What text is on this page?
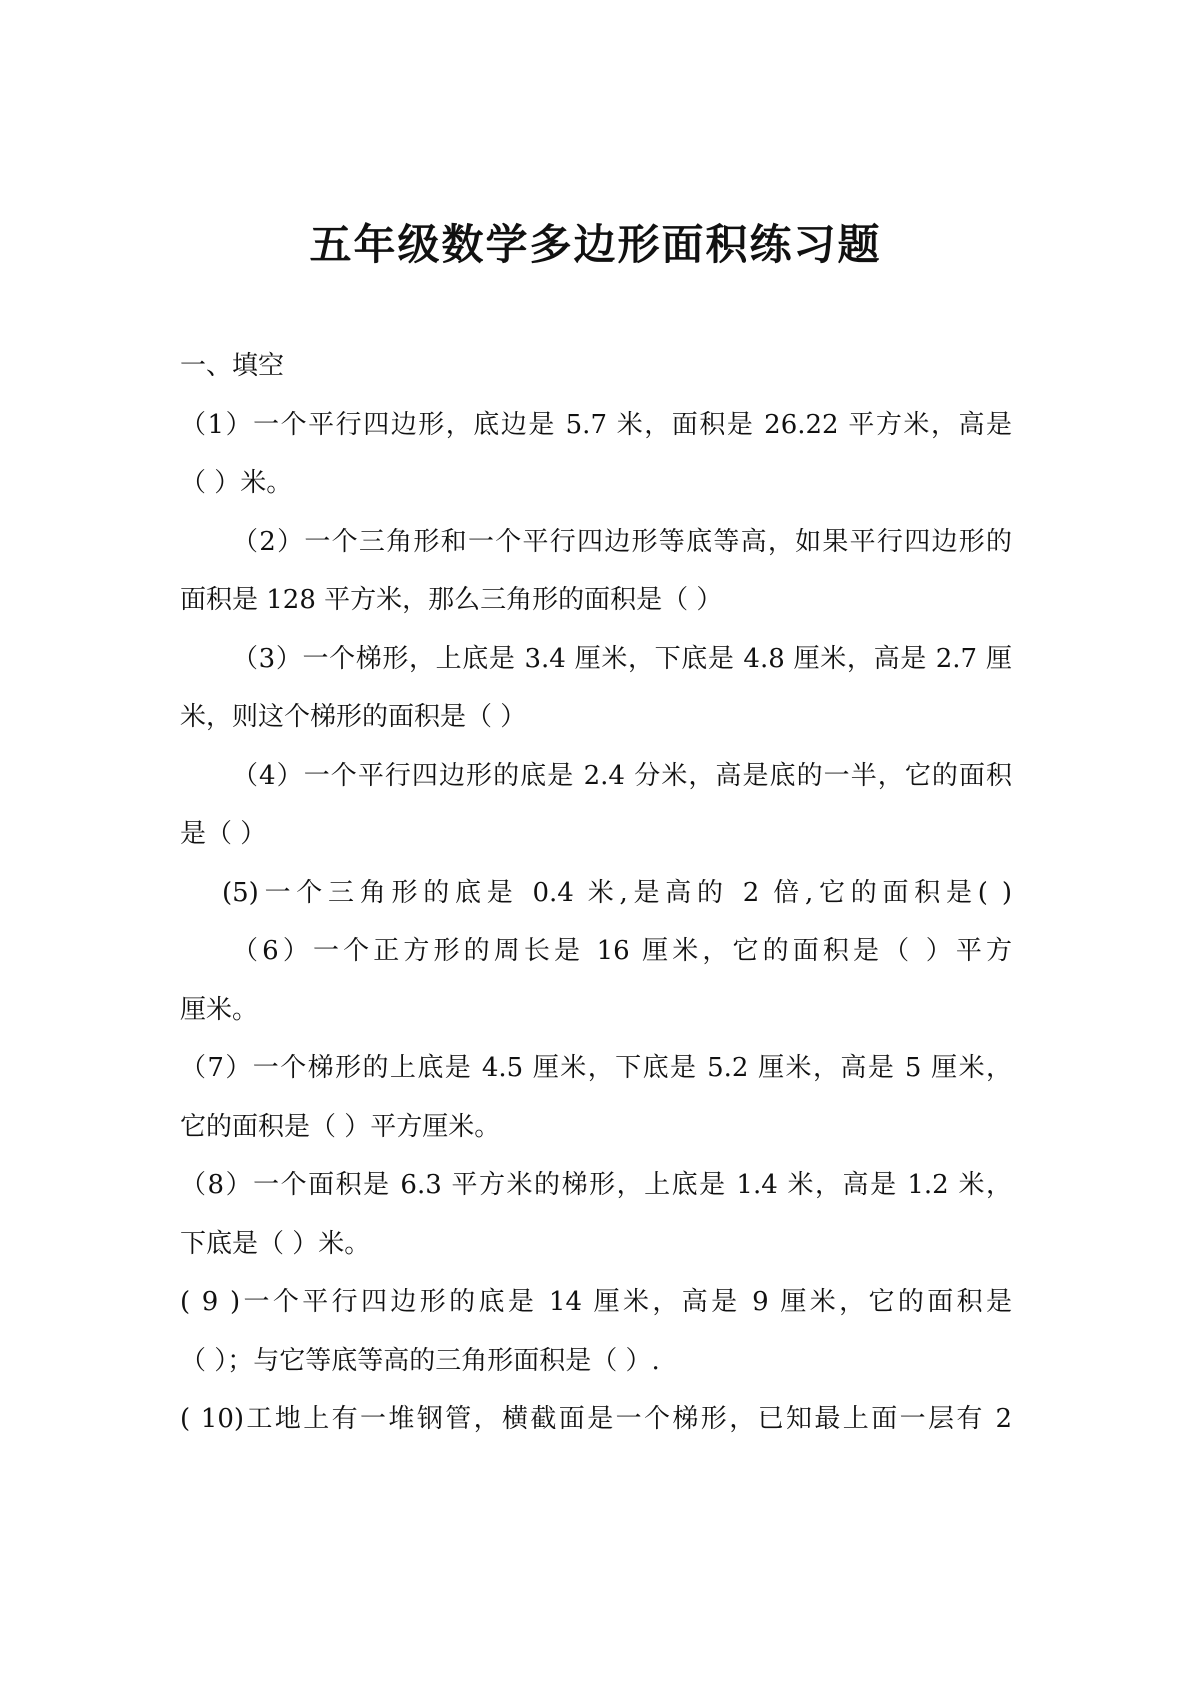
五年级数学多边形面积练习题
一、填空
（1）一个平行四边形，底边是 5.7 米，面积是 26.22 平方米，高是
（ ）米。
（2）一个三角形和一个平行四边形等底等高，如果平行四边形的
面积是 128 平方米，那么三角形的面积是（ ）
（3）一个梯形，上底是 3.4 厘米，下底是 4.8 厘米，高是 2.7 厘
米，则这个梯形的面积是（ ）
（4）一个平行四边形的底是 2.4 分米，高是底的一半，它的面积
是（ ）
(5)一个三角形的底是 0.4 米,是高的 2 倍,它的面积是( )
（6）一个正方形的周长是 16 厘米，它的面积是（ ）平方
厘米。
（7）一个梯形的上底是 4.5 厘米，下底是 5.2 厘米，高是 5 厘米，
它的面积是（ ）平方厘米。
（8）一个面积是 6.3 平方米的梯形，上底是 1.4 米，高是 1.2 米，
下底是（ ）米。
( 9 )一个平行四边形的底是 14 厘米，高是 9 厘米，它的面积是
（ ）；与它等底等高的三角形面积是（ ）.
( 10)工地上有一堆钢管，横截面是一个梯形，已知最上面一层有 2
